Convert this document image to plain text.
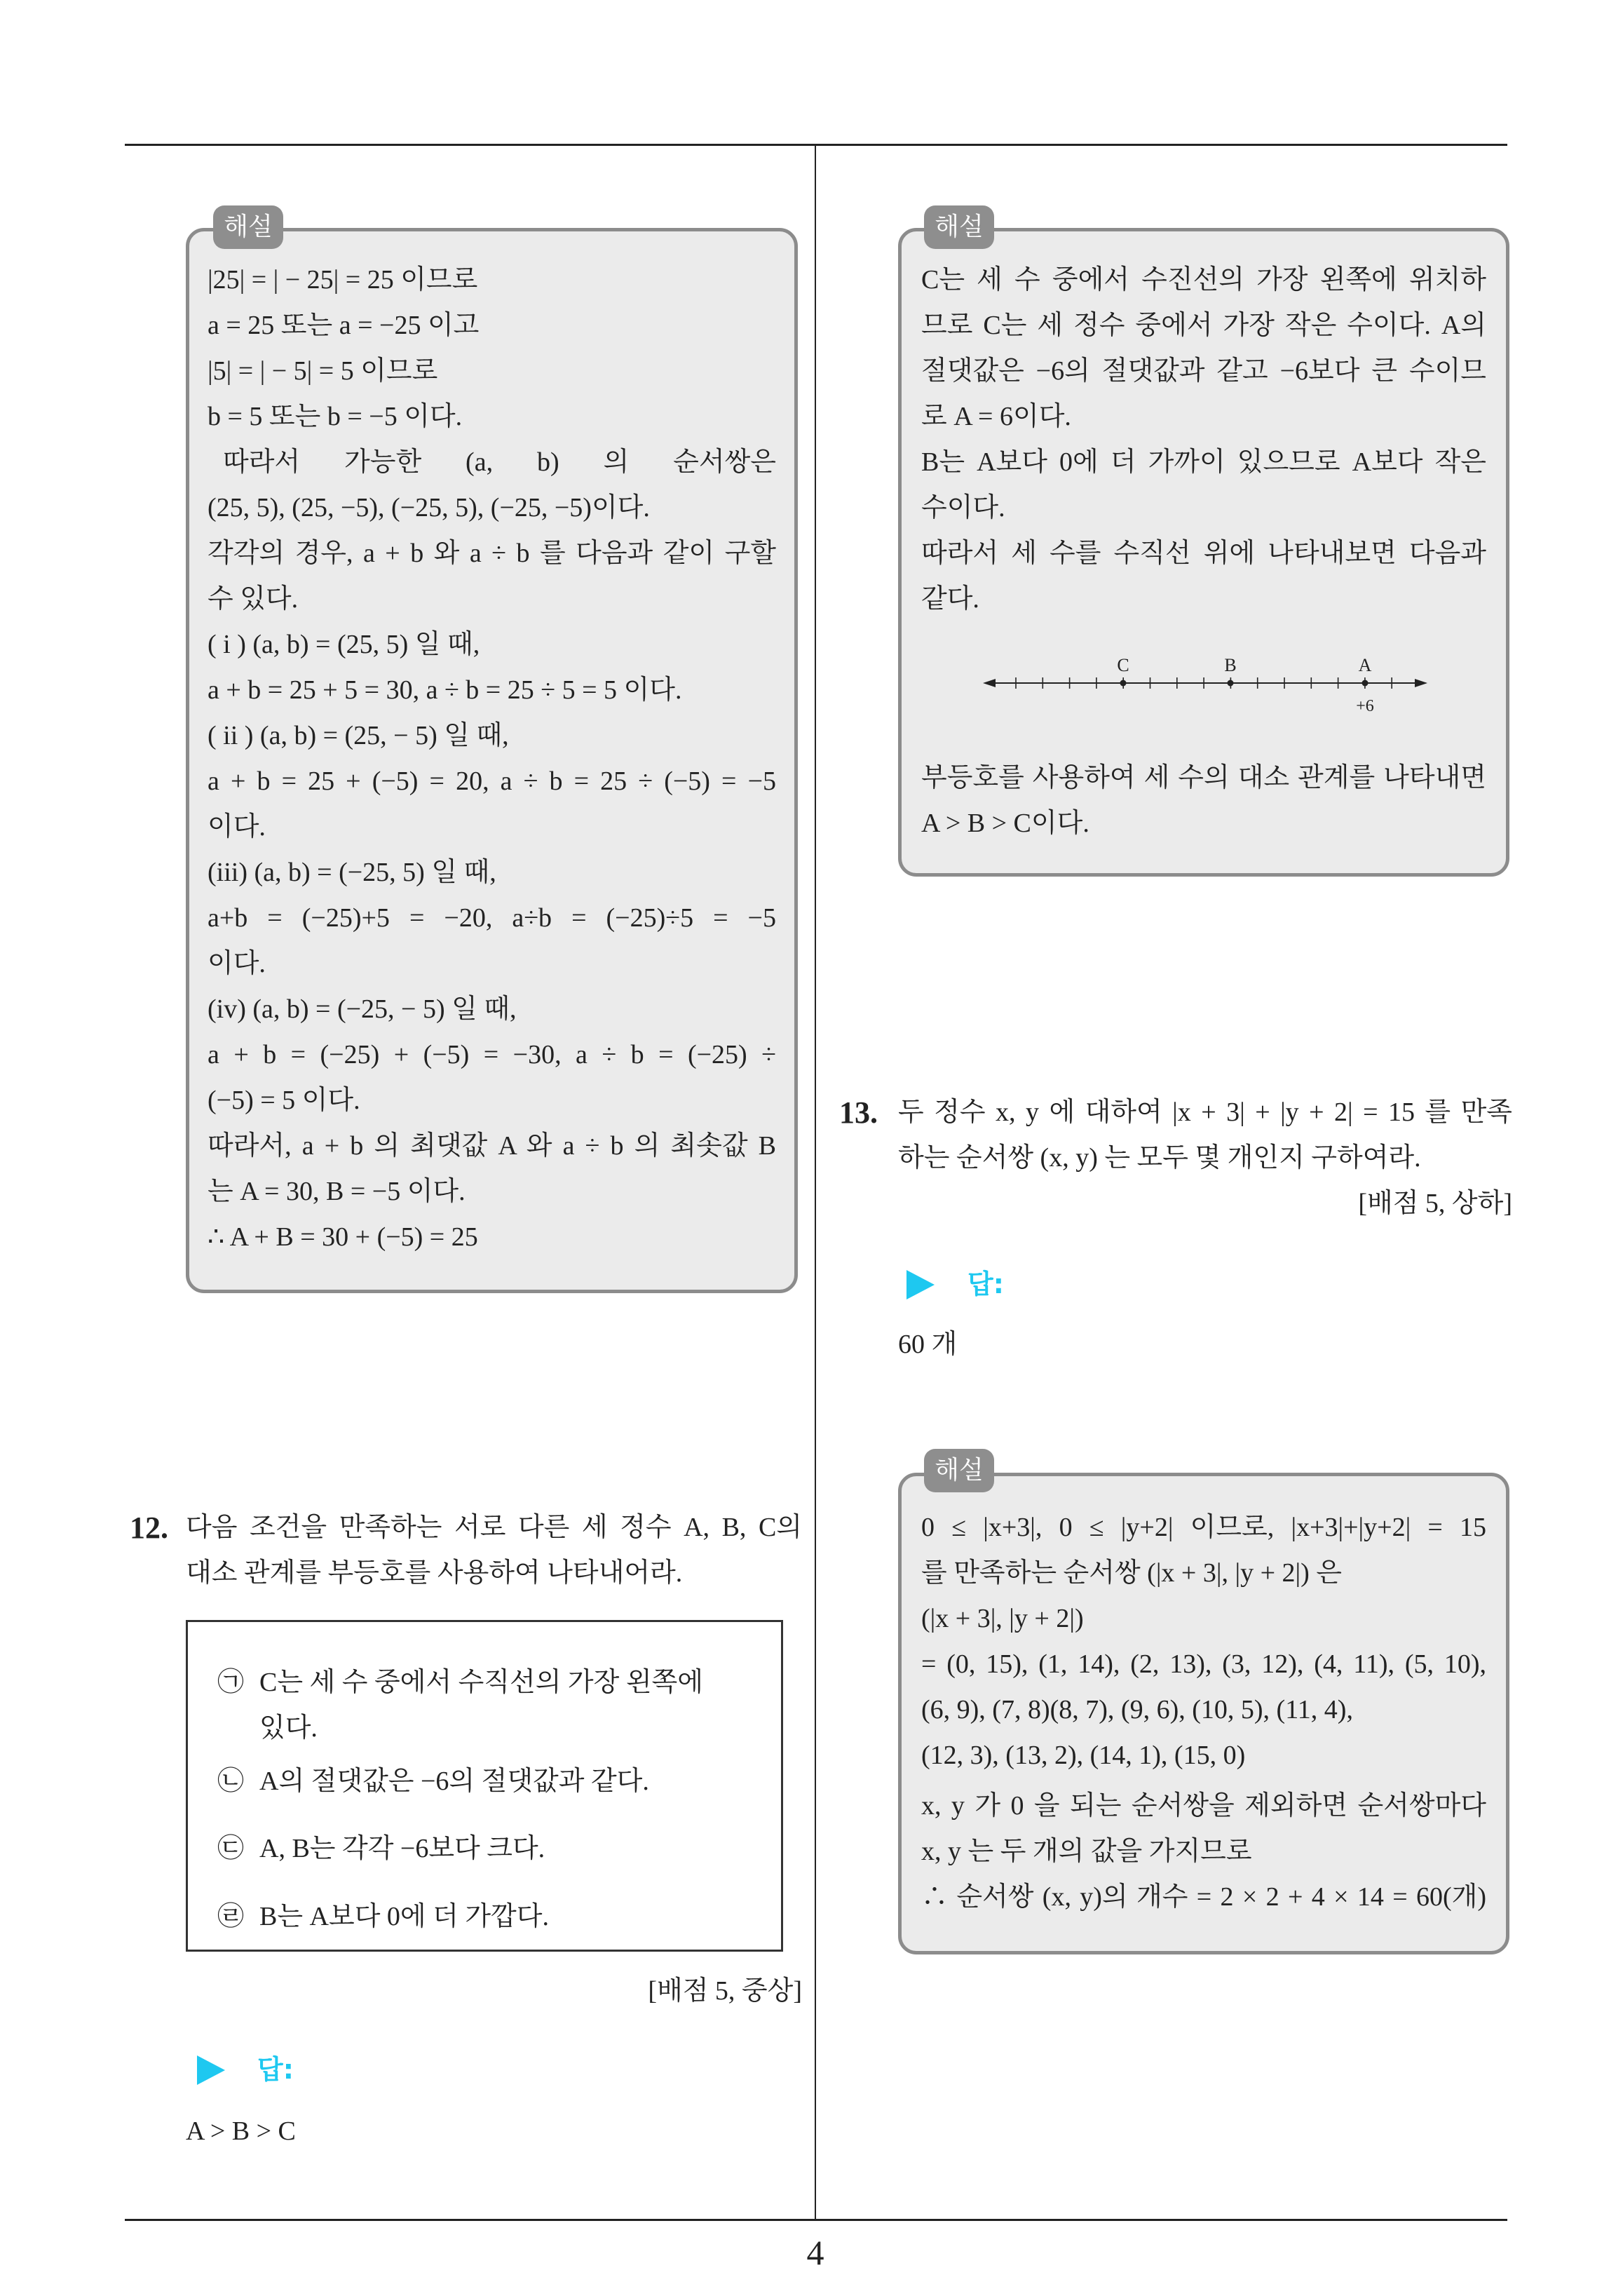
해설
|25| = | − 25| = 25 이므로
a = 25 또는 a = −25 이고
|5| = | − 5| = 5 이므로
b = 5 또는 b = −5 이다.
따라서 가능한 (a, b) 의 순서쌍은
(25, 5), (25, −5), (−25, 5), (−25, −5)이다.
각각의 경우, a + b 와 a ÷ b 를 다음과 같이 구할
수 있다.
( i ) (a, b) = (25, 5) 일 때,
a + b = 25 + 5 = 30, a ÷ b = 25 ÷ 5 = 5 이다.
( ii ) (a, b) = (25, − 5) 일 때,
a + b = 25 + (−5) = 20, a ÷ b = 25 ÷ (−5) = −5
이다.
(iii) (a, b) = (−25, 5) 일 때,
a+b = (−25)+5 = −20, a÷b = (−25)÷5 = −5
이다.
(iv) (a, b) = (−25, − 5) 일 때,
a + b = (−25) + (−5) = −30, a ÷ b = (−25) ÷
(−5) = 5 이다.
따라서, a + b 의 최댓값 A 와 a ÷ b 의 최솟값 B
는 A = 30, B = −5 이다.
∴ A + B = 30 + (−5) = 25
12. 다음 조건을 만족하는 서로 다른 세 정수 A, B, C의
대소 관계를 부등호를 사용하여 나타내어라.
㉠ C는 세 수 중에서 수직선의 가장 왼쪽에
있다.
㉡ A의 절댓값은 −6의 절댓값과 같다.
㉢ A, B는 각각 −6보다 크다.
㉣ B는 A보다 0에 더 가깝다.
[배점 5, 중상]
답:
A > B > C
해설
C는 세 수 중에서 수진선의 가장 왼쪽에 위치하
므로 C는 세 정수 중에서 가장 작은 수이다. A의
절댓값은 −6의 절댓값과 같고 −6보다 큰 수이므
로 A = 6이다.
B는 A보다 0에 더 가까이 있으므로 A보다 작은
수이다.
따라서 세 수를 수직선 위에 나타내보면 다음과
같다.
C	B	A
+6
부등호를 사용하여 세 수의 대소 관계를 나타내면
A > B > C이다.
13. 두 정수 x, y 에 대하여 |x + 3| + |y + 2| = 15 를 만족
하는 순서쌍 (x, y) 는 모두 몇 개인지 구하여라.
[배점 5, 상하]
답:
60 개
해설
0 ≤ |x+3|, 0 ≤ |y+2| 이므로, |x+3|+|y+2| = 15
를 만족하는 순서쌍 (|x + 3|, |y + 2|) 은
(|x + 3|, |y + 2|)
= (0, 15), (1, 14), (2, 13), (3, 12), (4, 11), (5, 10),
(6, 9), (7, 8)(8, 7), (9, 6), (10, 5), (11, 4),
(12, 3), (13, 2), (14, 1), (15, 0)
x, y 가 0 을 되는 순서쌍을 제외하면 순서쌍마다
x, y 는 두 개의 값을 가지므로
∴ 순서쌍 (x, y)의 개수 = 2 × 2 + 4 × 14 = 60(개)
4
